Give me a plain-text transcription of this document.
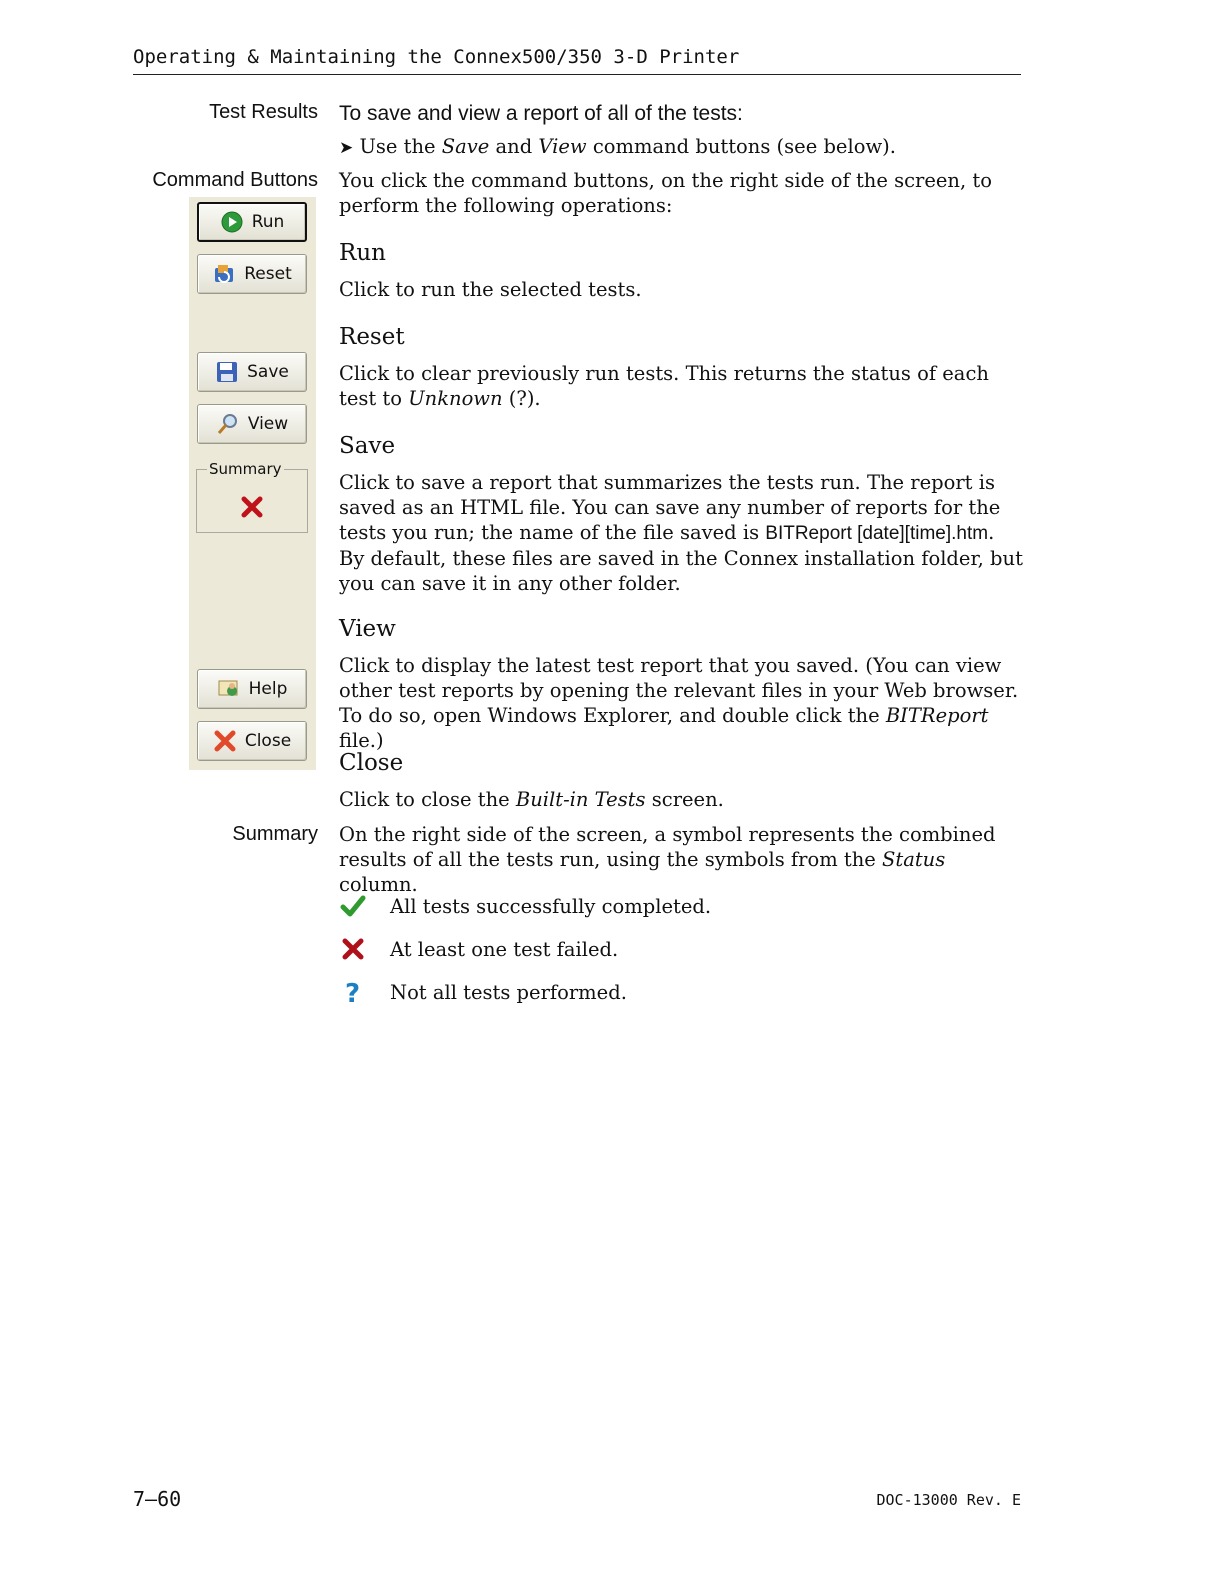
Operating & Maintaining the Connex500/350 3-D Printer
Test Results
Command Buttons
Summary
To save and view a report of all of the tests:
➤ Use the Save and View command buttons (see below).
You click the command buttons, on the right side of the screen, to perform the following operations:
Run
Reset
Save
View
Summary
Help
Close
Run
Click to run the selected tests.
Reset
Click to clear previously run tests. This returns the status of each test to Unknown (?).
Save
Click to save a report that summarizes the tests run. The report is saved as an HTML file. You can save any number of reports for the tests you run; the name of the file saved is BITReport [date][time].htm. By default, these files are saved in the Connex installation folder, but you can save it in any other folder.
View
Click to display the latest test report that you saved. (You can view other test reports by opening the relevant files in your Web browser. To do so, open Windows Explorer, and double click the BITReport file.)
Close
Click to close the Built-in Tests screen.
On the right side of the screen, a symbol represents the combined results of all the tests run, using the symbols from the Status column.
All tests successfully completed.
At least one test failed.
? Not all tests performed.
7–60	DOC-13000 Rev. E
